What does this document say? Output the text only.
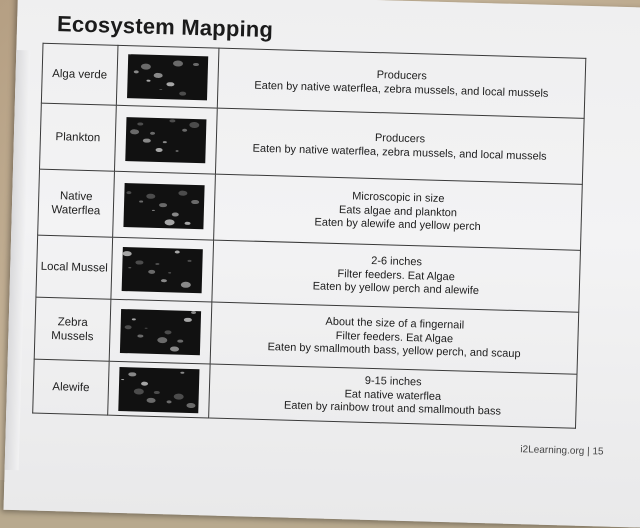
Ecosystem Mapping
Alga verde		Producers
Eaten by native waterflea, zebra mussels, and local mussels

Plankton		Producers
Eaten by native waterflea, zebra mussels, and local mussels

Native Waterflea		Microscopic in size
Eats algae and plankton
Eaten by alewife and yellow perch

Local Mussel		2-6 inches
Filter feeders. Eat Algae
Eaten by yellow perch and alewife

Zebra Mussels		About the size of a fingernail
Filter feeders. Eat Algae
Eaten by smallmouth bass, yellow perch, and scaup

Alewife		9-15 inches
Eat native waterflea
Eaten by rainbow trout and smallmouth bass
i2Learning.org | 15
